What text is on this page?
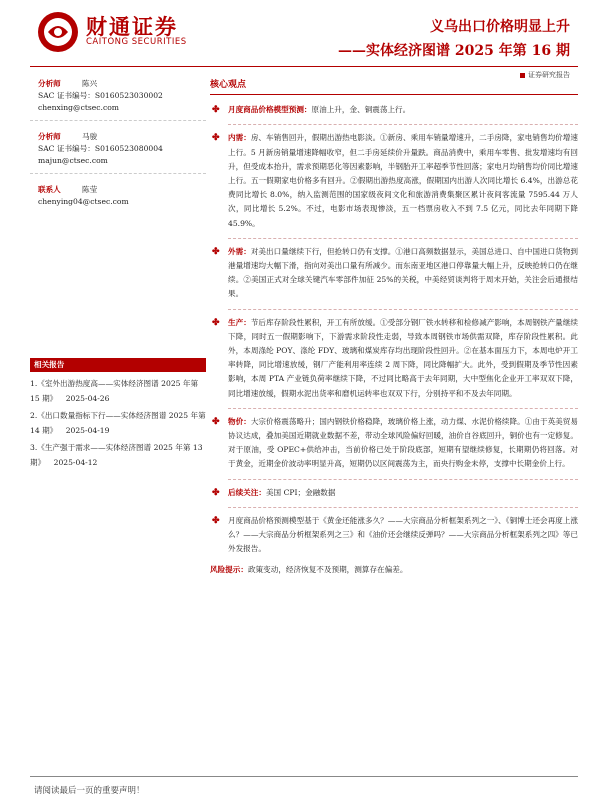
财通证券
CAITONG SECURITIES
义乌出口价格明显上升
——实体经济图谱 2025 年第 16 期
证券研究报告
分析师	陈兴
SAC 证书编号：S0160523030002
chenxing@ctsec.com
分析师	马骏
SAC 证书编号：S0160523080004
majun@ctsec.com
联系人	陈莹
chenying04@ctsec.com
相关报告
1.《室外出游热度高——实体经济图谱 2025 年第 15 期》 2025-04-26
2.《出口数量指标下行——实体经济图谱 2025 年第 14 期》 2025-04-19
3.《生产强于需求——实体经济图谱 2025 年第 13 期》 2025-04-12
核心观点
✤ 月度商品价格模型预测：原油上升，金、铜震荡上行。
✤ 内需：房、车销售回升，假期出游热电影淡。①新房、乘用车销量增速升，二手房降，家电销售均价增速上行。5 月新房销量增速降幅收窄，但二手房延续价升量跌。商品消费中，乘用车零售、批发增速均有回升，但受成本抬升，需求预期恶化等因素影响，半钢胎开工率超季节性回落；家电月均销售均价同比增速上行。五一假期家电价格多有回升。②假期出游热度高涨，假期国内出游人次同比增长 6.4%，出游总花费同比增长 8.0%，纳入监测范围的国家级夜间文化和旅游消费集聚区累计夜间客流量 7595.44 万人次，同比增长 5.2%。不过，电影市场表现惨淡，五一档票房收入不到 7.5 亿元，同比去年同期下降 45.9%。
✤ 外需：对美出口量继续下行，但抢转口仍有支撑。①港口高频数据显示，美国总进口、自中国进口货物到港量增速均大幅下滑，指向对美出口量有所减少。而东南亚地区港口停靠量大幅上升，反映抢转口仍在继续。②美国正式对全球关键汽车零部件加征 25%的关税，中美经贸谈判将于周末开始，关注会后通报结果。
✤ 生产：节后库存阶段性累积，开工有所放缓。①受部分钢厂铁水转移和检修减产影响，本周钢铁产量继续下降，同时五一假期影响下，下游需求阶段性走弱，导致本周钢铁市场供需双降，库存阶段性累积。此外，本周涤纶 POY、涤纶 FDY、玻璃和煤炭库存均出现阶段性回升。②在基本面压力下，本周电炉开工率转降，同比增速放缓，钢厂产能利用率连续 2 周下降，同比降幅扩大。此外，受到假期及季节性因素影响，本周 PTA 产业链负荷率继续下降，不过同比略高于去年同期，大中型焦化企业开工率双双下降，同比增速放缓，假期水泥出货率和磨机运转率也双双下行，分别持平和不及去年同期。
✤ 物价：大宗价格震荡略升；国内钢铁价格稳降，玻璃价格上涨，动力煤、水泥价格续降。①由于英美贸易协议达成，叠加美国近期就业数据不差，带动全球风险偏好回暖，油价自谷底回升，铜价也有一定修复。对于原油，受 OPEC+供给冲击，当前价格已处于阶段底部，短期有望继续修复，长期期仍将回落。对于黄金，近期金价波动率明显升高，短期仍以区间震荡为主，而央行购金未停，支撑中长期金价上行。
✤ 后续关注：美国 CPI；金融数据
✤ 月度商品价格预测模型基于《黄金还能涨多久？——大宗商品分析框架系列之一》、《铜博士还会再度上涨么？——大宗商品分析框架系列之三》和《油价还会继续反弹吗？——大宗商品分析框架系列之四》等已外发报告。
风险提示：政策变动，经济恢复不及预期，测算存在偏差。
请阅读最后一页的重要声明！
